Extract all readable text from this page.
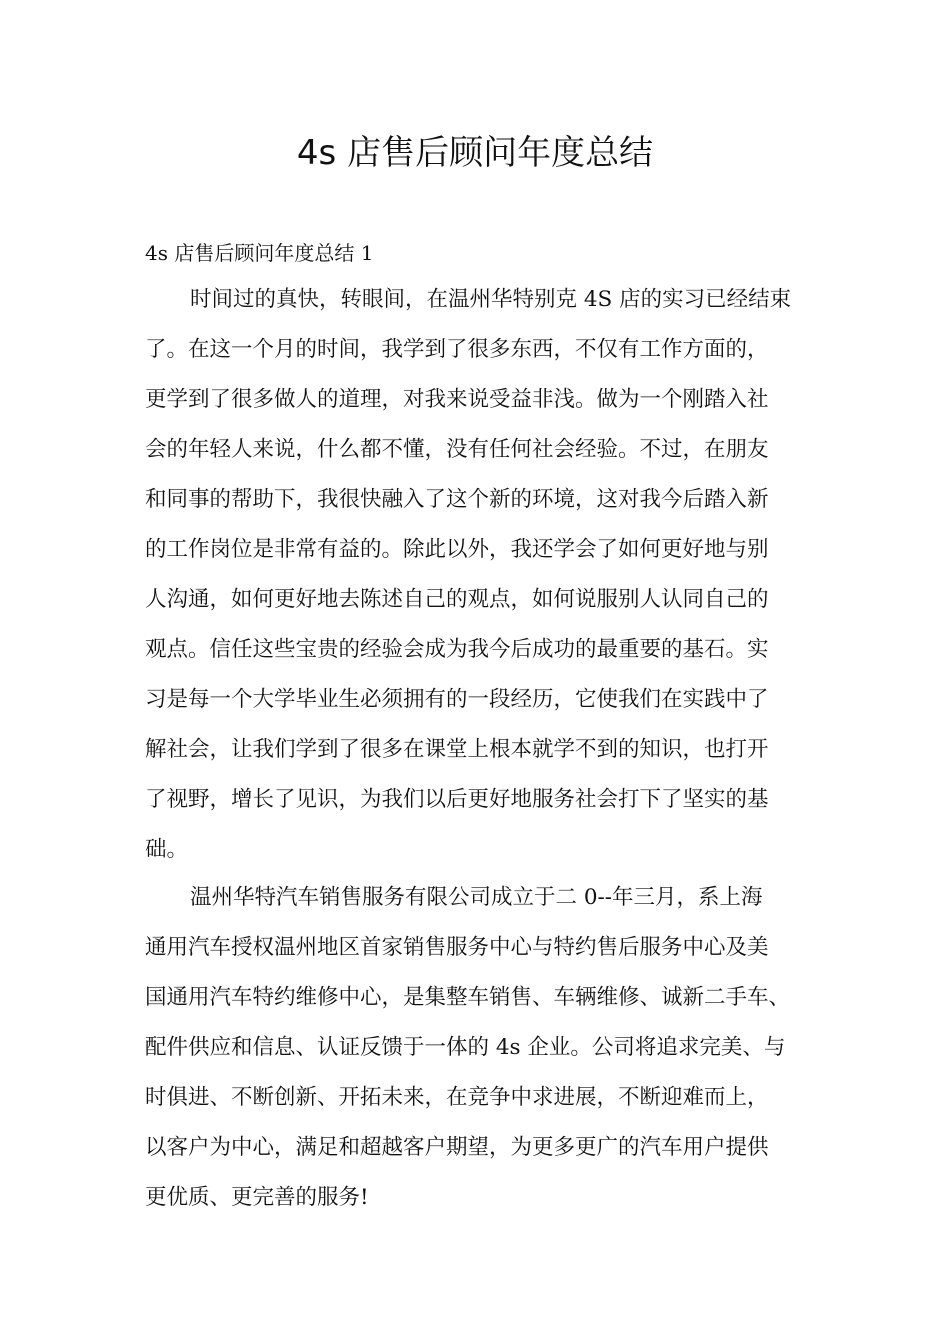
4s 店售后顾问年度总结
4s 店售后顾问年度总结 1
时间过的真快，转眼间，在温州华特别克 4S 店的实习已经结束
了。在这一个月的时间，我学到了很多东西，不仅有工作方面的，
更学到了很多做人的道理，对我来说受益非浅。做为一个刚踏入社
会的年轻人来说，什么都不懂，没有任何社会经验。不过，在朋友
和同事的帮助下，我很快融入了这个新的环境，这对我今后踏入新
的工作岗位是非常有益的。除此以外，我还学会了如何更好地与别
人沟通，如何更好地去陈述自己的观点，如何说服别人认同自己的
观点。信任这些宝贵的经验会成为我今后成功的最重要的基石。实
习是每一个大学毕业生必须拥有的一段经历，它使我们在实践中了
解社会，让我们学到了很多在课堂上根本就学不到的知识，也打开
了视野，增长了见识，为我们以后更好地服务社会打下了坚实的基
础。
温州华特汽车销售服务有限公司成立于二 0--年三月，系上海
通用汽车授权温州地区首家销售服务中心与特约售后服务中心及美
国通用汽车特约维修中心，是集整车销售、车辆维修、诚新二手车、
配件供应和信息、认证反馈于一体的 4s 企业。公司将追求完美、与
时俱进、不断创新、开拓未来，在竞争中求进展，不断迎难而上，
以客户为中心，满足和超越客户期望，为更多更广的汽车用户提供
更优质、更完善的服务!
